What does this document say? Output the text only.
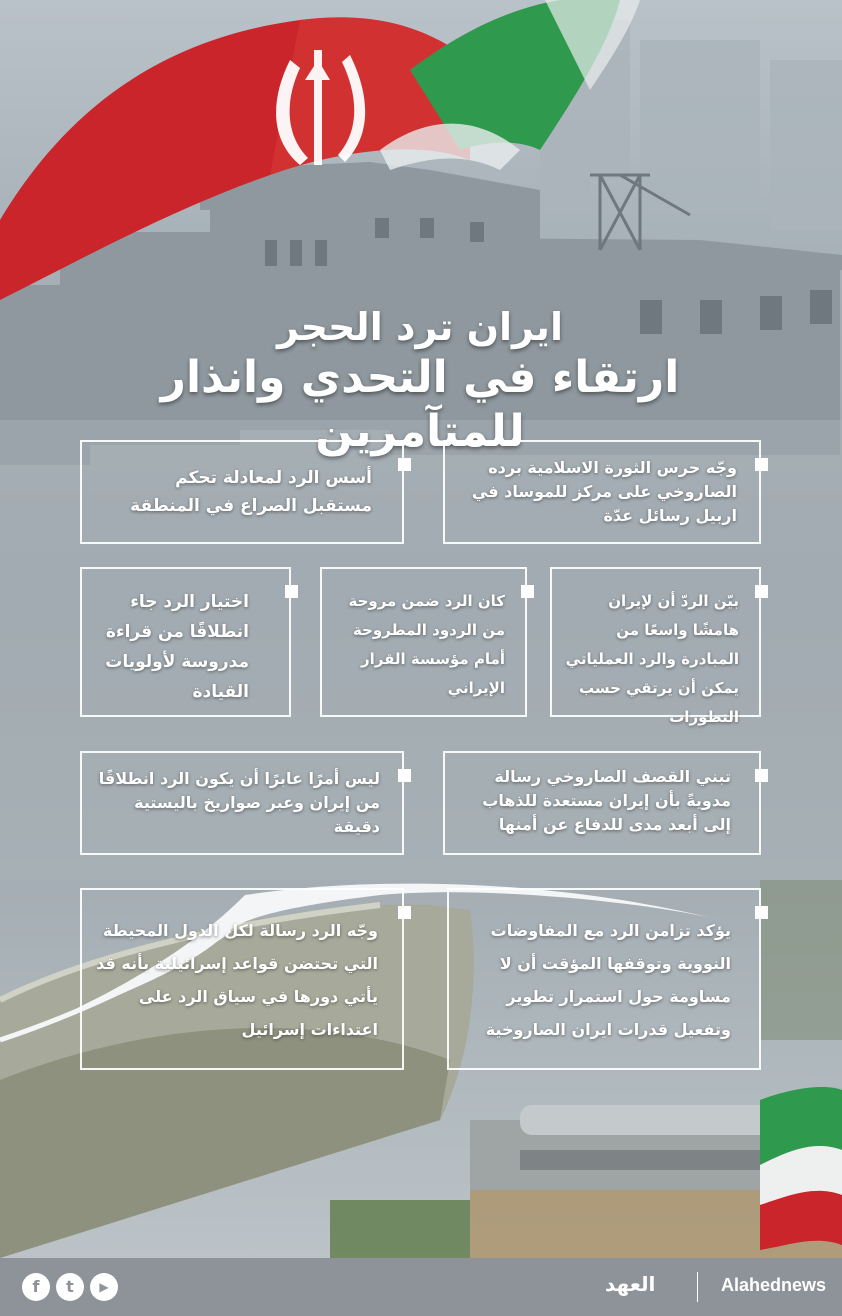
ايران ترد الحجر
ارتقاء في التحدي وانذار للمتآمرين

وجّه حرس الثورة الاسلامية برده الصاروخي على مركز للموساد في اربيل رسائل عدّة

أسس الرد لمعادلة تحكم مستقبل الصراع في المنطقة

بيّن الردّ أن لإيران هامشًا واسعًا من المبادرة والرد العملياتي يمكن أن يرتقي حسب التطورات

كان الرد ضمن مروحة من الردود المطروحة أمام مؤسسة القرار الإيراني

اختيار الرد جاء انطلاقًا من قراءة مدروسة لأولويات القيادة

تبني القصف الصاروخي رسالة مدويةً بأن إيران مستعدة للذهاب إلى أبعد مدى للدفاع عن أمنها

ليس أمرًا عابرًا أن يكون الرد انطلاقًا من إيران وعبر صواريخ باليستية دقيقة

يؤكد تزامن الرد مع المفاوضات النووية وتوقفها المؤقت أن لا مساومة حول استمرار تطوير وتفعيل قدرات ايران الصاروخية

وجّه الرد رسالة لكل الدول المحيطة التي تحتضن قواعد إسرائيلية بأنه قد يأتي دورها في سياق الرد على اعتداءات إسرائيل

f	t	▶	العهد	Alahednews
